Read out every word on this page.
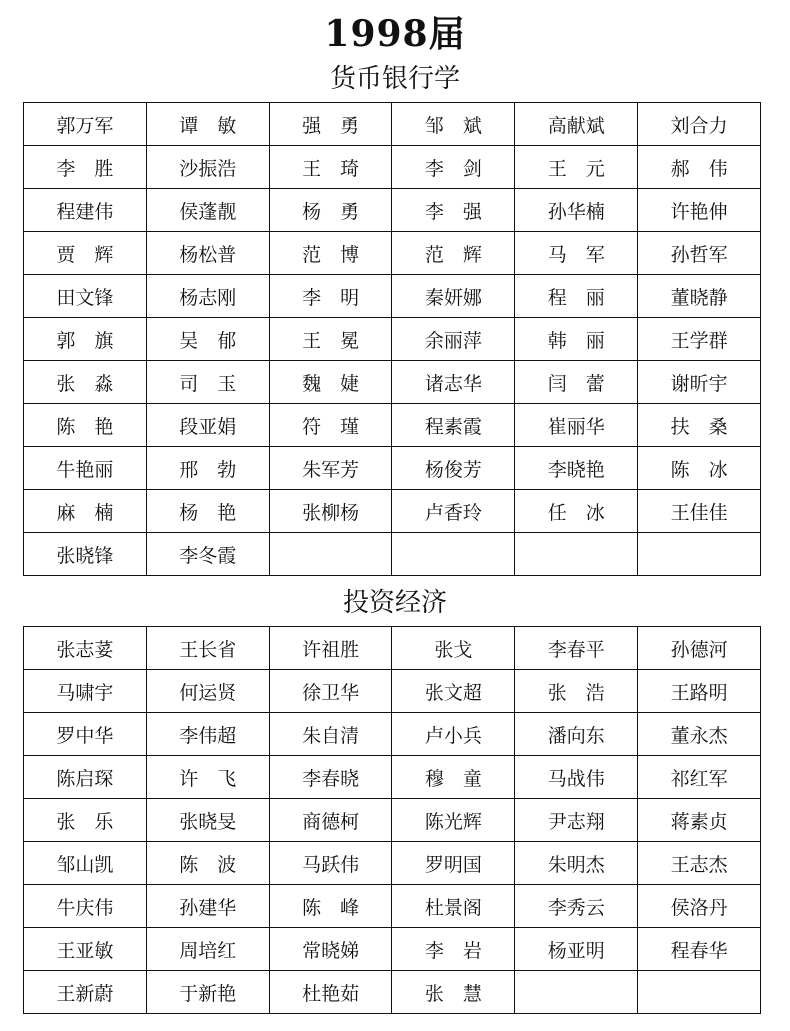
1998届
货币银行学
郭万军	谭　敏	强　勇	邹　斌	高献斌	刘合力
李　胜	沙振浩	王　琦	李　剑	王　元	郝　伟
程建伟	侯蓬靓	杨　勇	李　强	孙华楠	许艳伸
贾　辉	杨松普	范　博	范　辉	马　军	孙哲军
田文锋	杨志刚	李　明	秦妍娜	程　丽	董晓静
郭　旗	吴　郁	王　冕	余丽萍	韩　丽	王学群
张　淼	司　玉	魏　婕	诸志华	闫　蕾	谢昕宇
陈　艳	段亚娟	符　瑾	程素霞	崔丽华	扶　桑
牛艳丽	邢　勃	朱军芳	杨俊芳	李晓艳	陈　冰
麻　楠	杨　艳	张柳杨	卢香玲	任　冰	王佳佳
张晓锋	李冬霞				
投资经济
张志荽	王长省	许祖胜	张戈	李春平	孙德河
马啸宇	何运贤	徐卫华	张文超	张　浩	王路明
罗中华	李伟超	朱自清	卢小兵	潘向东	董永杰
陈启琛	许　飞	李春晓	穆　童	马战伟	祁红军
张　乐	张晓旻	商德柯	陈光辉	尹志翔	蒋素贞
邹山凯	陈　波	马跃伟	罗明国	朱明杰	王志杰
牛庆伟	孙建华	陈　峰	杜景阁	李秀云	侯洛丹
王亚敏	周培红	常晓娣	李　岩	杨亚明	程春华
王新蔚	于新艳	杜艳茹	张　慧		
